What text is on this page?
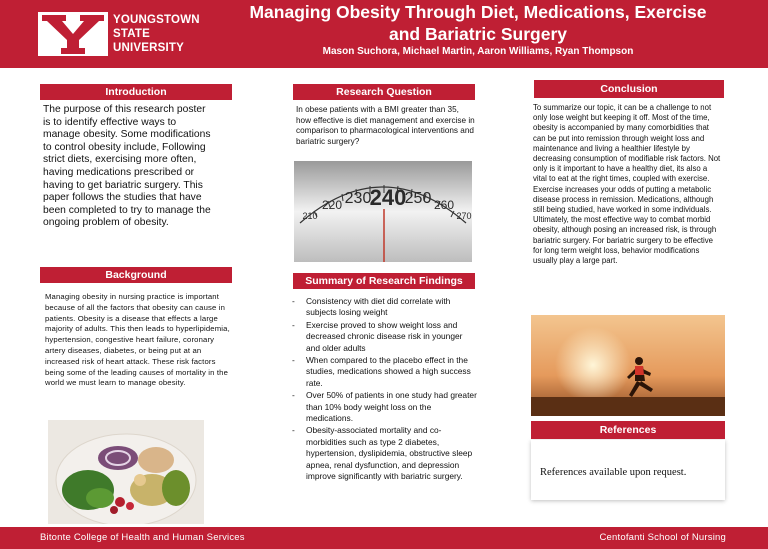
YOUNGSTOWN
STATE
UNIVERSITY
Managing Obesity Through Diet, Medications, Exercise
and Bariatric Surgery
Mason Suchora, Michael Martin, Aaron Williams, Ryan Thompson
Introduction
The purpose of this research poster is to identify effective ways to manage obesity. Some modifications to control obesity include, Following strict diets, exercising more often, having medications prescribed or having to get bariatric surgery. This paper follows the studies that have been completed to try to manage the ongoing problem of obesity.
Background
Managing obesity in nursing practice is important because of all the factors that obesity can cause in patients. Obesity is a disease that effects a large majority of adults. This then leads to hyperlipidemia, hypertension, congestive heart failure, coronary artery diseases, diabetes, or being put at an increased risk of heart attack. These risk factors being some of the leading causes of mortality in the world we must learn to manage obesity.
Research Question
In obese patients with a BMI greater than 35, how effective is diet management and exercise in comparison to pharmacological interventions and bariatric surgery?
210
220 230
240
250 260
270
Summary of Research Findings
- Consistency with diet did correlate with subjects losing weight
- Exercise proved to show weight loss and decreased chronic disease risk in younger and older adults
- When compared to the placebo effect in the studies, medications showed a high success rate.
- Over 50% of patients in one study had greater than 10% body weight loss on the medications.
- Obesity-associated mortality and co-morbidities such as type 2 diabetes, hypertension, dyslipidemia, obstructive sleep apnea, renal dysfunction, and depression improve significantly with bariatric surgery.
Conclusion
To summarize our topic, it can be a challenge to not only lose weight but keeping it off. Most of the time, obesity is accompanied by many comorbidities that can be put into remission through weight loss and maintenance and living a healthier lifestyle by decreasing consumption of modifiable risk factors. Not only is it important to have a healthy diet, its also a vital to eat at the right times, coupled with exercise. Exercise increases your odds of putting a metabolic disease process in remission. Medications, although still being studied, have worked in some individuals. Ultimately, the most effective way to combat morbid obesity, although posing an increased risk, is through bariatric surgery. For bariatric surgery to be effective for long term weight loss, behavior modifications usually play a large part.
References
References available upon request.
Bitonte College of Health and Human Services	Centofanti School of Nursing
